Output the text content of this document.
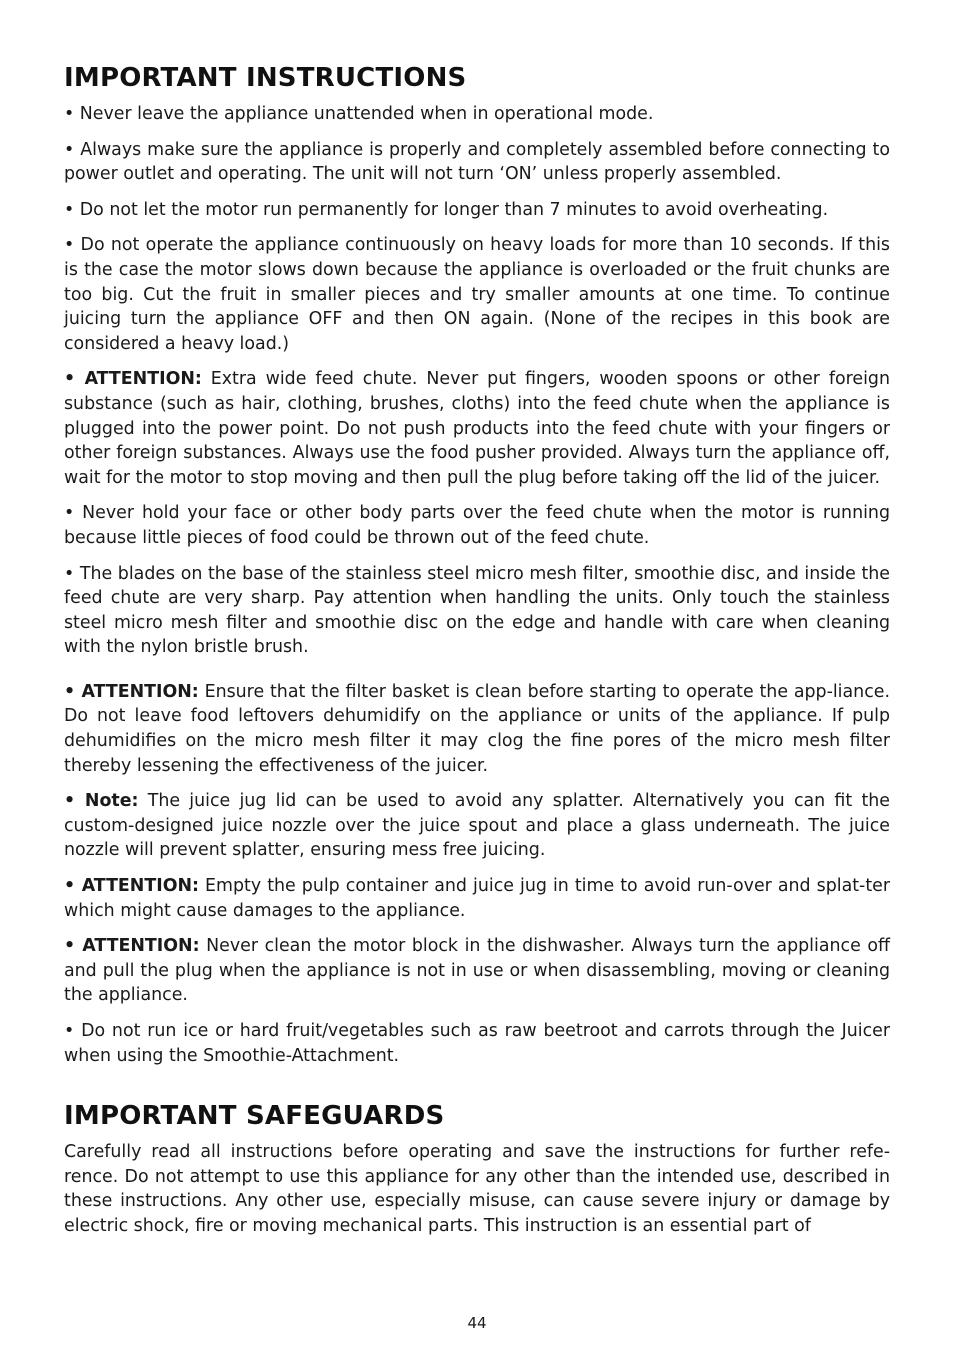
IMPORTANT INSTRUCTIONS

• Never leave the appliance unattended when in operational mode.

• Always make sure the appliance is properly and completely assembled before connecting to power outlet and operating. The unit will not turn ‘ON’ unless properly assembled.

• Do not let the motor run permanently for longer than 7 minutes to avoid overheating.

• Do not operate the appliance continuously on heavy loads for more than 10 seconds. If this is the case the motor slows down because the appliance is overloaded or the fruit chunks are too big. Cut the fruit in smaller pieces and try smaller amounts at one time. To continue juicing turn the appliance OFF and then ON again. (None of the recipes in this book are considered a heavy load.)

• ATTENTION: Extra wide feed chute. Never put fingers, wooden spoons or other foreign substance (such as hair, clothing, brushes, cloths) into the feed chute when the appliance is plugged into the power point. Do not push products into the feed chute with your fingers or other foreign substances. Always use the food pusher provided. Always turn the appliance off, wait for the motor to stop moving and then pull the plug before taking off the lid of the juicer.

• Never hold your face or other body parts over the feed chute when the motor is running because little pieces of food could be thrown out of the feed chute.

• The blades on the base of the stainless steel micro mesh filter, smoothie disc, and inside the feed chute are very sharp. Pay attention when handling the units. Only touch the stainless steel micro mesh filter and smoothie disc on the edge and handle with care when cleaning with the nylon bristle brush.

• ATTENTION: Ensure that the filter basket is clean before starting to operate the app-liance. Do not leave food leftovers dehumidify on the appliance or units of the appliance. If pulp dehumidifies on the micro mesh filter it may clog the fine pores of the micro mesh filter thereby lessening the effectiveness of the juicer.

• Note: The juice jug lid can be used to avoid any splatter. Alternatively you can fit the custom-designed juice nozzle over the juice spout and place a glass underneath. The juice nozzle will prevent splatter, ensuring mess free juicing.

• ATTENTION: Empty the pulp container and juice jug in time to avoid run-over and splat-ter which might cause damages to the appliance.

• ATTENTION: Never clean the motor block in the dishwasher. Always turn the appliance off and pull the plug when the appliance is not in use or when disassembling, moving or cleaning the appliance.

• Do not run ice or hard fruit/vegetables such as raw beetroot and carrots through the Juicer when using the Smoothie-Attachment.

IMPORTANT SAFEGUARDS

Carefully read all instructions before operating and save the instructions for further refe-rence. Do not attempt to use this appliance for any other than the intended use, described in these instructions. Any other use, especially misuse, can cause severe injury or damage by electric shock, fire or moving mechanical parts. This instruction is an essential part of

44
